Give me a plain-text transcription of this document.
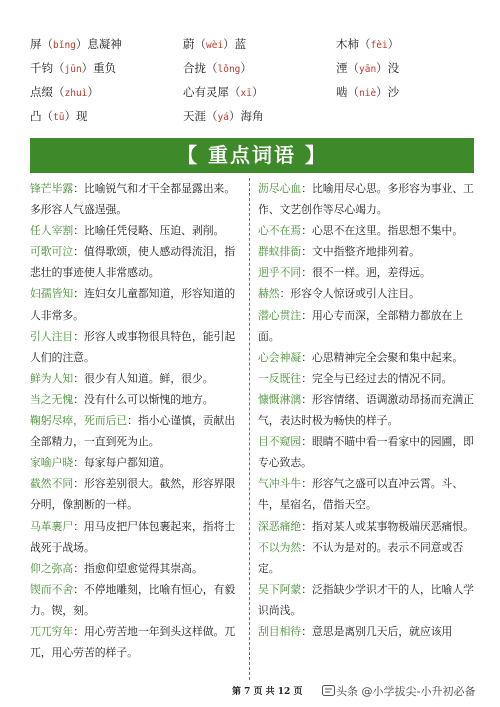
屏（bǐng）息凝神
千钧（jūn）重负
点缀（zhuì）
凸（tū）现
蔚（wèi）蓝
合拢（lǒng）
心有灵犀（xī）
天涯（yá）海角
木柿（fèi）
湮（yān）没
啮（niè）沙
【 重点词语 】

锋芒毕露：比喻锐气和才干全都显露出来。多形容人气盛逞强。

任人宰割：比喻任凭侵略、压迫、剥削。

可歌可泣：值得歌颂，使人感动得流泪，指悲壮的事迹使人非常感动。

妇孺皆知：连妇女儿童都知道，形容知道的人非常多。

引人注目：形容人或事物很具特色，能引起人们的注意。

鲜为人知：很少有人知道。鲜，很少。

当之无愧：没有什么可以惭愧的地方。

鞠躬尽瘁，死而后已：指小心谨慎，贡献出全部精力，一直到死为止。

家喻户晓：每家每户都知道。

截然不同：形容差别很大。截然，形容界限分明，像割断的一样。

马革裹尸：用马皮把尸体包裹起来，指将士战死于战场。

仰之弥高：指愈仰望愈觉得其崇高。

锲而不舍：不停地雕刻，比喻有恒心，有毅力。锲，刻。

兀兀穷年：用心劳苦地一年到头这样做。兀兀，用心劳苦的样子。

沥尽心血：比喻用尽心思。多形容为事业、工作、文艺创作等尽心竭力。

心不在焉：心思不在这里。指思想不集中。

群蚁排衙：文中指整齐地排列着。

迥乎不同：很不一样。迥，差得远。

赫然：形容令人惊讶或引人注目。

潜心贯注：用心专而深，全部精力都放在上面。

心会神凝：心思精神完全会聚和集中起来。

一反既往：完全与已经过去的情况不同。

慷慨淋漓：形容情绪、语调激动昂扬而充满正气，表达时极为畅快的样子。

目不窥园：眼睛不瞄中看一看家中的园圃，即专心致志。

气冲斗牛：形容气之盛可以直冲云霄。斗、牛，星宿名，借指天空。

深恶痛绝：指对某人或某事物极端厌恶痛恨。

不以为然：不认为是对的。表示不同意或否定。

吴下阿蒙：泛指缺少学识才干的人，比喻人学识尚浅。

刮目相待：意思是离别几天后，就应该用

第 7 页 共 12 页	头条 @小学拔尖-小升初必备
